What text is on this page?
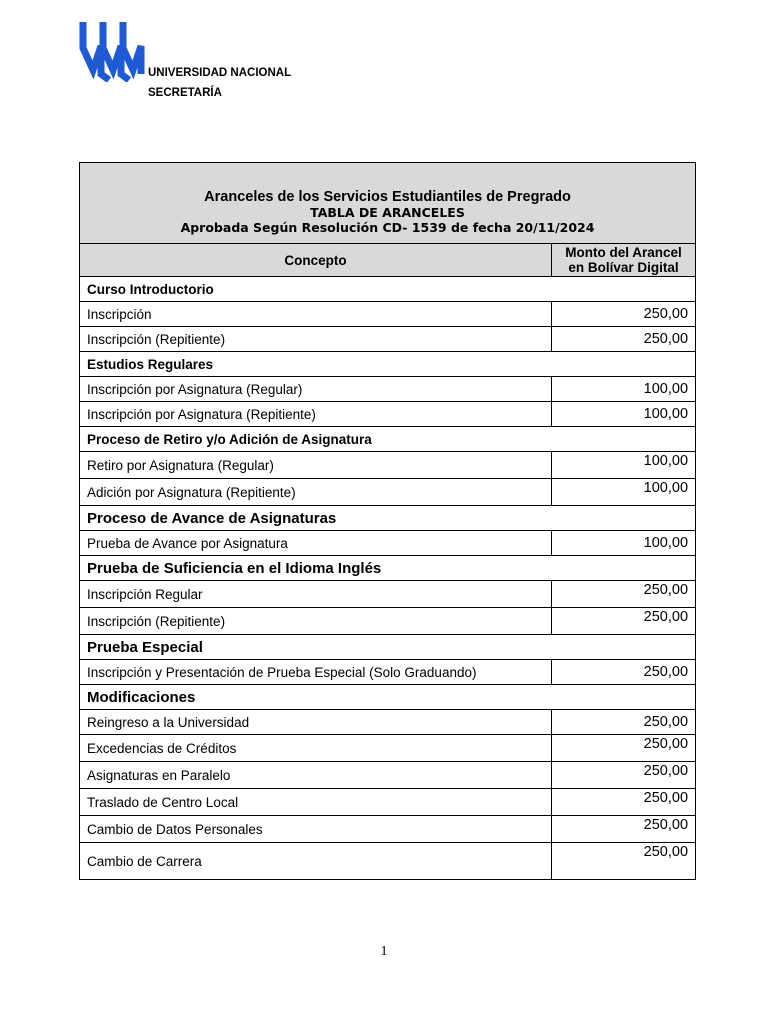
UNIVERSIDAD NACIONAL
SECRETARÍA
Aranceles de los Servicios Estudiantiles de Pregrado
TABLA DE ARANCELES
Aprobada Según Resolución CD- 1539 de fecha 20/11/2024	

Concepto	Monto del Arancel
en Bolívar Digital
Curso Introductorio	
Inscripción	250,00
Inscripción (Repitiente)	250,00
Estudios Regulares	
Inscripción por Asignatura (Regular)	100,00
Inscripción por Asignatura (Repitiente)	100,00
Proceso de Retiro y/o Adición de Asignatura	
Retiro por Asignatura (Regular)	100,00
Adición por Asignatura (Repitiente)	100,00
Proceso de Avance de Asignaturas	
Prueba de Avance por Asignatura	100,00
Prueba de Suficiencia en el Idioma Inglés	
Inscripción Regular	250,00
Inscripción (Repitiente)	250,00
Prueba Especial	
Inscripción y Presentación de Prueba Especial (Solo Graduando)	250,00
Modificaciones	
Reingreso a la Universidad	250,00
Excedencias de Créditos	250,00
Asignaturas en Paralelo	250,00
Traslado de Centro Local	250,00
Cambio de Datos Personales	250,00
Cambio de Carrera	250,00
1
